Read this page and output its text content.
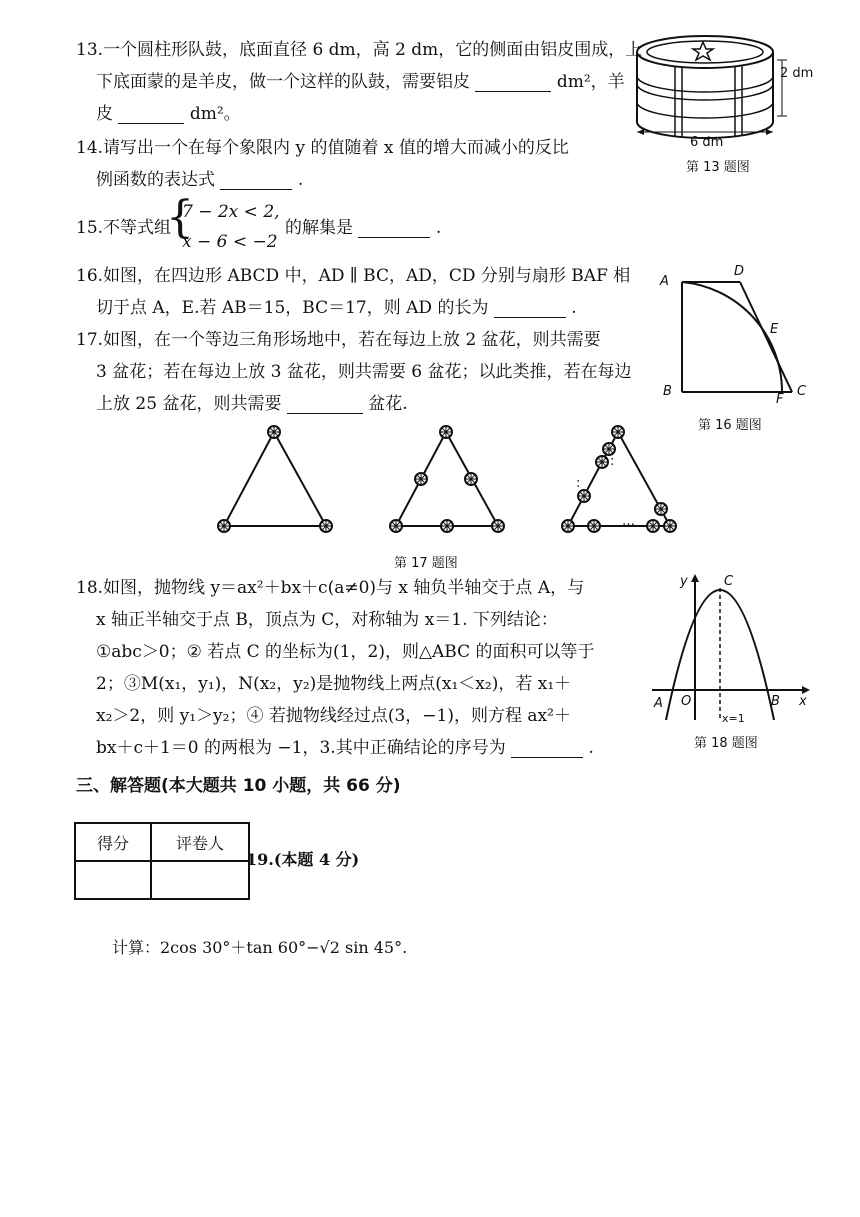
13.一个圆柱形队鼓，底面直径 6 dm，高 2 dm，它的侧面由铝皮围成，上
下底面蒙的是羊皮，做一个这样的队鼓，需要铝皮	dm²，羊
皮	dm²。
2 dm
6 dm
第 13 题图
14.请写出一个在每个象限内 y 的值随着 x 值的增大而减小的反比
例函数的表达式	.
15.不等式组
{
7 − 2x < 2,
x − 6 < −2
的解集是	.
16.如图，在四边形 ABCD 中，AD ∥ BC，AD，CD 分别与扇形 BAF 相
切于点 A，E.若 AB＝15，BC＝17，则 AD 的长为	.
A
D
E
B
F
C
第 16 题图
17.如图，在一个等边三角形场地中，若在每边上放 2 盆花，则共需要
3 盆花；若在每边上放 3 盆花，则共需要 6 盆花；以此类推，若在每边
上放 25 盆花，则共需要	盆花.
:
:
…
第 17 题图
18.如图，抛物线 y＝ax²＋bx＋c(a≠0)与 x 轴负半轴交于点 A，与
x 轴正半轴交于点 B，顶点为 C，对称轴为 x＝1. 下列结论：
①abc＞0；② 若点 C 的坐标为(1，2)，则△ABC 的面积可以等于
2；③M(x₁，y₁)，N(x₂，y₂)是抛物线上两点(x₁＜x₂)，若 x₁＋
x₂＞2，则 y₁＞y₂；④ 若抛物线经过点(3，−1)，则方程 ax²＋
bx＋c＋1＝0 的两根为 −1，3.其中正确结论的序号为	.
y	C
A O	B x
x=1
第 18 题图
三、解答题(本大题共 10 小题，共 66 分)
得分	评卷人

19.(本题 4 分)
计算：2cos 30°＋tan 60°−√2 sin 45°.
